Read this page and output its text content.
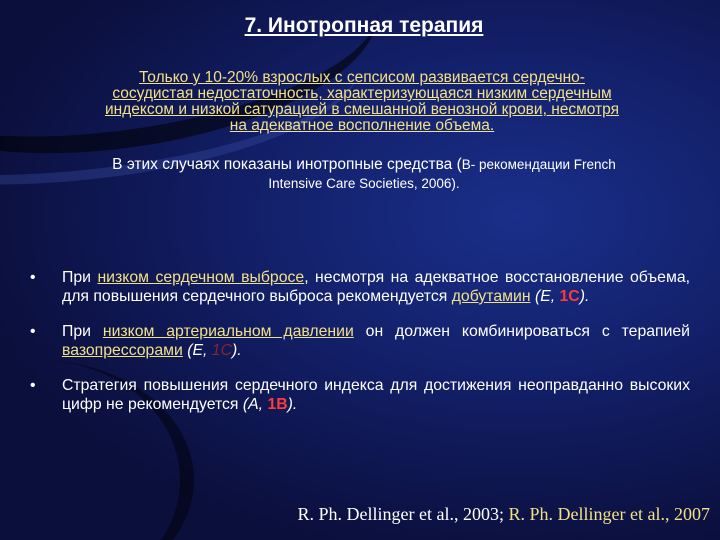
7. Инотропная терапия
Только у 10-20% взрослых с сепсисом развивается сердечно-
сосудистая недостаточность, характеризующаяся низким сердечным
индексом и низкой сатурацией в смешанной венозной крови, несмотря
на адекватное восполнение объема.
В этих случаях показаны инотропные средства (В- рекомендации French
Intensive Care Societies, 2006).
• При низком сердечном выбросе, несмотря на адекватное восстановление объема, для повышения сердечного выброса рекомендуется добутамин (E, 1C).
• При низком артериальном давлении он должен комбинироваться с терапией вазопрессорами (E, 1C).
• Стратегия повышения сердечного индекса для достижения неоправданно высоких цифр не рекомендуется (A, 1B).
R. Ph. Dellinger et al., 2003; R. Ph. Dellinger et al., 2007
